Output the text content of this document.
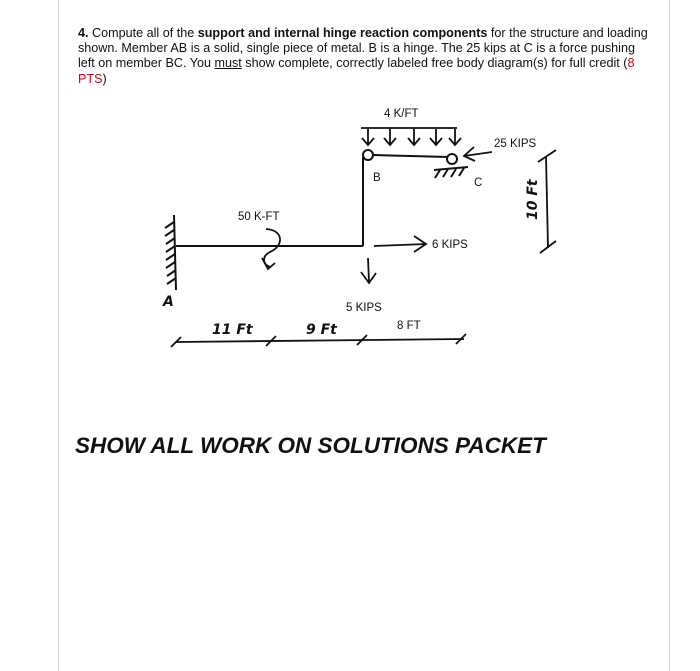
4. Compute all of the support and internal hinge reaction components for the structure and loading shown. Member AB is a solid, single piece of metal. B is a hinge. The 25 kips at C is a force pushing left on member BC. You must show complete, correctly labeled free body diagram(s) for full credit (8 PTS)
4 K/FT
B	C
25 KIPS
50 K-FT
6 KIPS
5 KIPS
8 FT
A
11 Ft	9 Ft
10 Ft
SHOW ALL WORK ON SOLUTIONS PACKET
